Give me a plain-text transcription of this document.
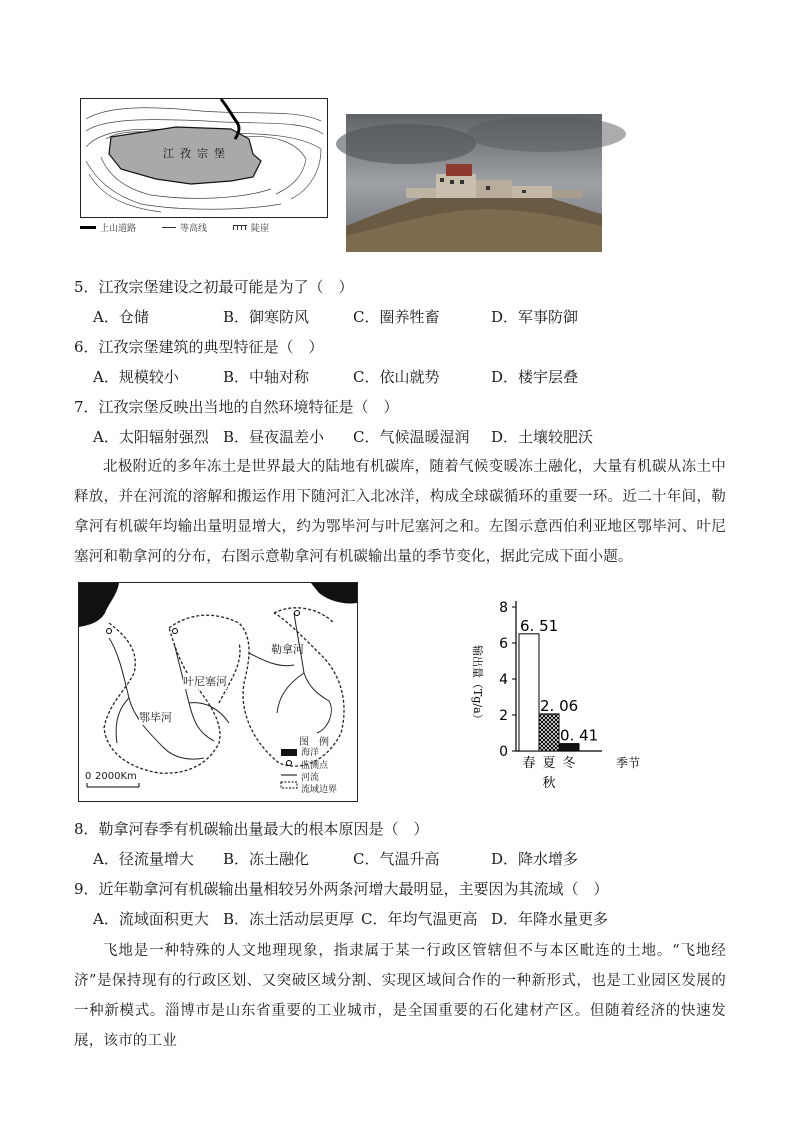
江孜宗堡
上山道路	等高线	陡崖
5．江孜宗堡建设之初最可能是为了（　）
A．仓储	B．御寒防风	C．圈养牲畜	D．军事防御
6．江孜宗堡建筑的典型特征是（　）
A．规模较小	B．中轴对称	C．依山就势	D．楼宇层叠
7．江孜宗堡反映出当地的自然环境特征是（　）
A．太阳辐射强烈 B．昼夜温差小	C．气候温暖湿润	D．土壤较肥沃
北极附近的多年冻土是世界最大的陆地有机碳库，随着气候变暖冻土融化，大量有机碳从冻土中释放，并在河流的溶解和搬运作用下随河汇入北冰洋，构成全球碳循环的重要一环。近二十年间，勒拿河有机碳年均输出量明显增大，约为鄂毕河与叶尼塞河之和。左图示意西伯利亚地区鄂毕河、叶尼塞河和勒拿河的分布，右图示意勒拿河有机碳输出量的季节变化，据此完成下面小题。
勒拿河
叶尼塞河
鄂毕河
图　例
海洋
监测点
河流
流域边界
0 2000Km
0
2
4
6
8
6. 51
春
2. 06
夏
0. 41
冬
秋
季节
输出量（Tg/a）
8．勒拿河春季有机碳输出量最大的根本原因是（　）
A．径流量增大	B．冻土融化	C．气温升高	D．降水增多
9．近年勒拿河有机碳输出量相较另外两条河增大最明显，主要因为其流域（　）
A．流域面积更大 B．冻土活动层更厚 C．年均气温更高 D．年降水量更多
飞地是一种特殊的人文地理现象，指隶属于某一行政区管辖但不与本区毗连的土地。“飞地经济”是保持现有的行政区划、又突破区域分割、实现区域间合作的一种新形式，也是工业园区发展的一种新模式。淄博市是山东省重要的工业城市，是全国重要的石化建材产区。但随着经济的快速发展，该市的工业
